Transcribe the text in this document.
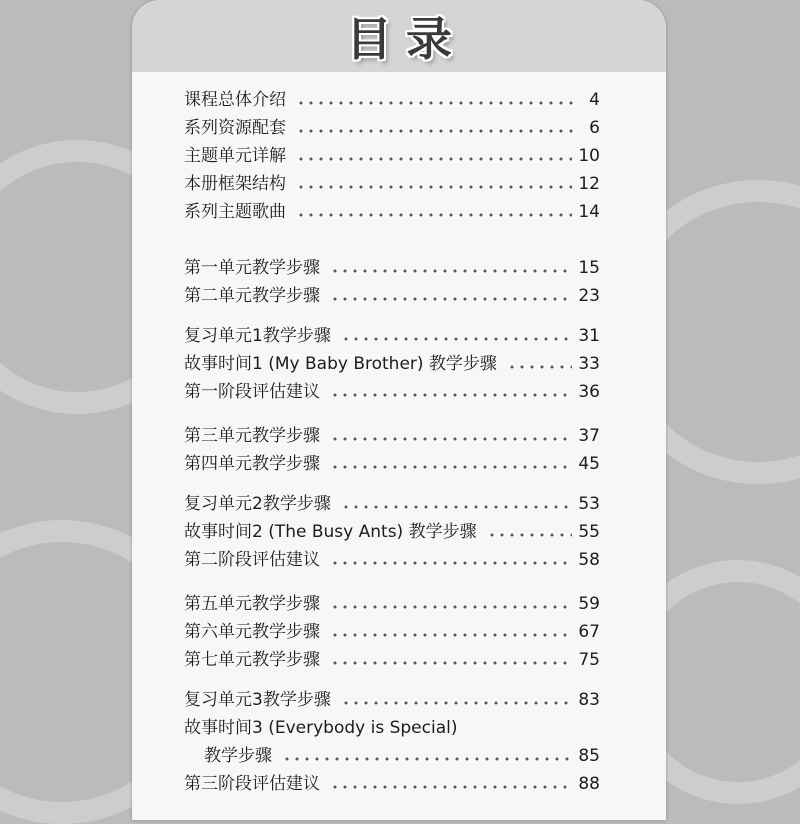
目 录
课程总体介绍	4
系列资源配套	6
主题单元详解	10
本册框架结构	12
系列主题歌曲	14
第一单元教学步骤	15
第二单元教学步骤	23
复习单元1教学步骤	31
故事时间1 (My Baby Brother) 教学步骤	33
第一阶段评估建议	36
第三单元教学步骤	37
第四单元教学步骤	45
复习单元2教学步骤	53
故事时间2 (The Busy Ants) 教学步骤	55
第二阶段评估建议	58
第五单元教学步骤	59
第六单元教学步骤	67
第七单元教学步骤	75
复习单元3教学步骤	83
故事时间3 (Everybody is Special)
教学步骤	85
第三阶段评估建议	88
